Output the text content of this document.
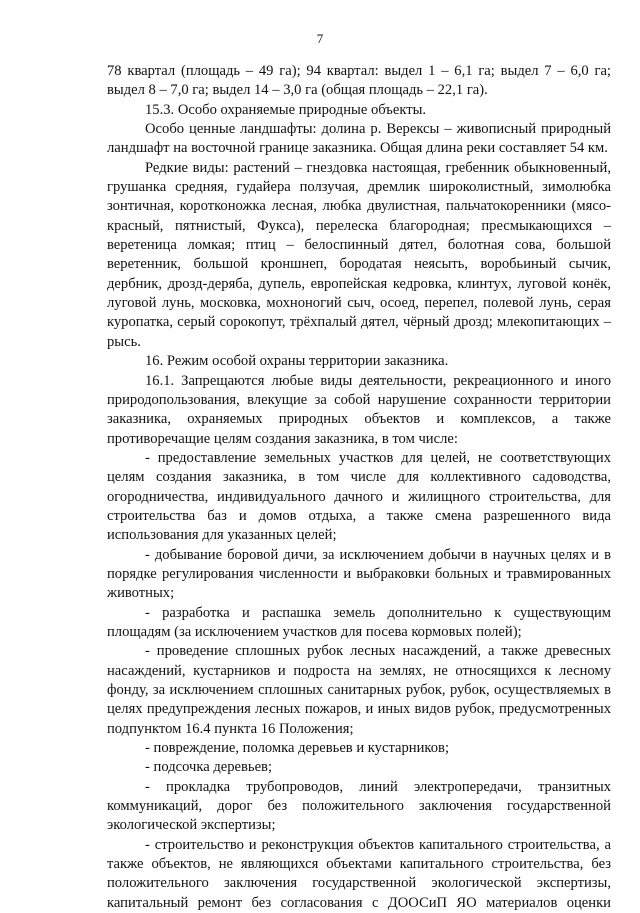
7

78 квартал (площадь – 49 га); 94 квартал: выдел 1 – 6,1 га; выдел 7 – 6,0 га; выдел 8 – 7,0 га; выдел 14 – 3,0 га (общая площадь – 22,1 га).

15.3. Особо охраняемые природные объекты.

Особо ценные ландшафты: долина р. Верексы – живописный природный ландшафт на восточной границе заказника. Общая длина реки составляет 54 км.

Редкие виды: растений – гнездовка настоящая, гребенник обыкновенный, грушанка средняя, гудайера ползучая, дремлик широколистный, зимолюбка зонтичная, коротконожка лесная, любка двулистная, пальчатокоренники (мясо-красный, пятнистый, Фукса), перелеска благородная; пресмыкающихся – веретеница ломкая; птиц – белоспинный дятел, болотная сова, большой веретенник, большой кроншнеп, бородатая неясыть, воробьиный сычик, дербник, дрозд-деряба, дупель, европейская кедровка, клинтух, луговой конёк, луговой лунь, московка, мохноногий сыч, осоед, перепел, полевой лунь, серая куропатка, серый сорокопут, трёхпалый дятел, чёрный дрозд; млекопитающих – рысь.

16. Режим особой охраны территории заказника.

16.1. Запрещаются любые виды деятельности, рекреационного и иного природопользования, влекущие за собой нарушение сохранности территории заказника, охраняемых природных объектов и комплексов, а также противоречащие целям создания заказника, в том числе:

- предоставление земельных участков для целей, не соответствующих целям создания заказника, в том числе для коллективного садоводства, огородничества, индивидуального дачного и жилищного строительства, для строительства баз и домов отдыха, а также смена разрешенного вида использования для указанных целей;

- добывание боровой дичи, за исключением добычи в научных целях и в порядке регулирования численности и выбраковки больных и травмированных животных;

- разработка и распашка земель дополнительно к существующим площадям (за исключением участков для посева кормовых полей);

- проведение сплошных рубок лесных насаждений, а также древесных насаждений, кустарников и подроста на землях, не относящихся к лесному фонду, за исключением сплошных санитарных рубок, рубок, осуществляемых в целях предупреждения лесных пожаров, и иных видов рубок, предусмотренных подпунктом 16.4 пункта 16 Положения;

- повреждение, поломка деревьев и кустарников;

- подсочка деревьев;

- прокладка трубопроводов, линий электропередачи, транзитных коммуникаций, дорог без положительного заключения государственной экологической экспертизы;

- строительство и реконструкция объектов капитального строительства, а также объектов, не являющихся объектами капитального строительства, без положительного заключения государственной экологической экспертизы, капитальный ремонт без согласования с ДООСиП ЯО материалов оценки
